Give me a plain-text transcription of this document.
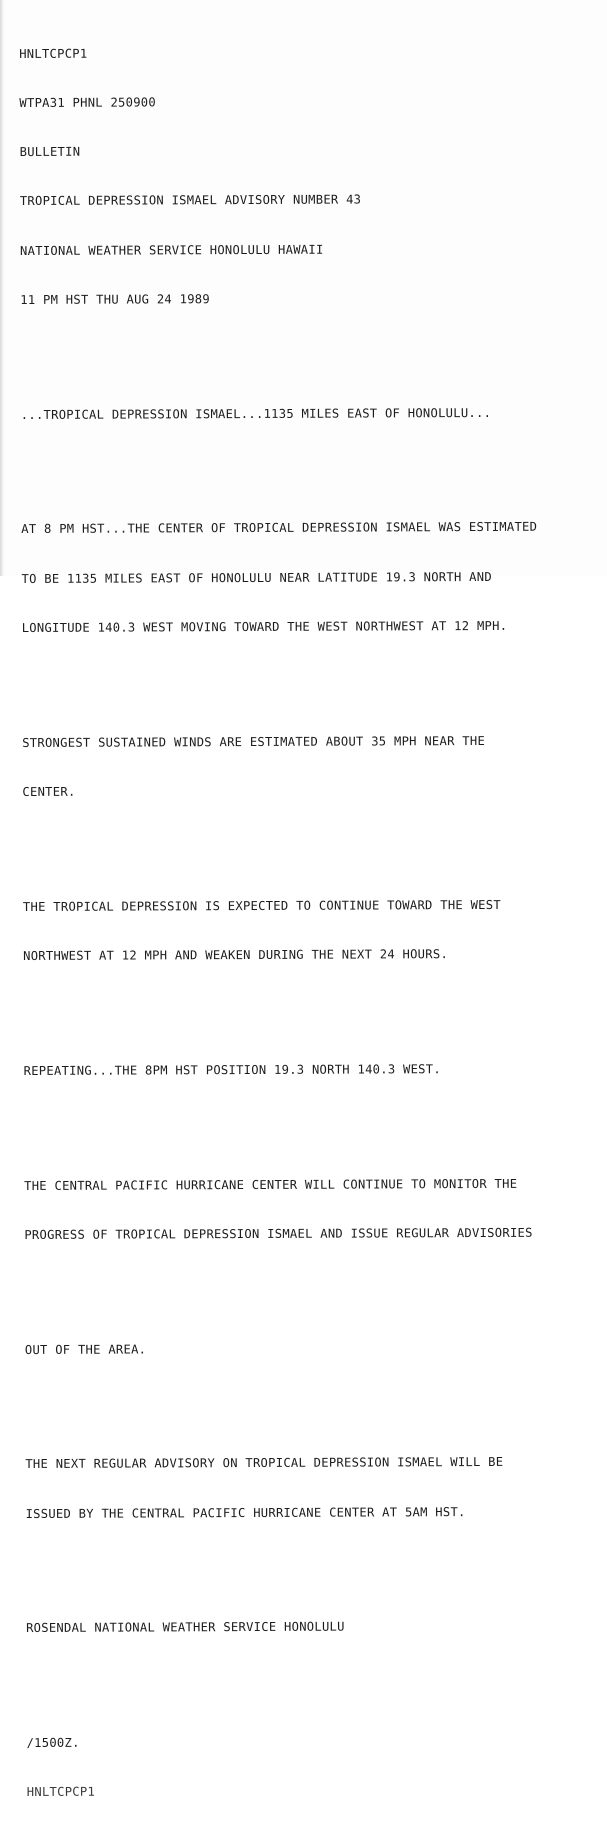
HNLTCPCP1

WTPA31 PHNL 250900

BULLETIN

TROPICAL DEPRESSION ISMAEL ADVISORY NUMBER 43

NATIONAL WEATHER SERVICE HONOLULU HAWAII

11 PM HST THU AUG 24 1989

...TROPICAL DEPRESSION ISMAEL...1135 MILES EAST OF HONOLULU...

AT 8 PM HST...THE CENTER OF TROPICAL DEPRESSION ISMAEL WAS ESTIMATED

TO BE 1135 MILES EAST OF HONOLULU NEAR LATITUDE 19.3 NORTH AND

LONGITUDE 140.3 WEST MOVING TOWARD THE WEST NORTHWEST AT 12 MPH.

STRONGEST SUSTAINED WINDS ARE ESTIMATED ABOUT 35 MPH NEAR THE

CENTER.

THE TROPICAL DEPRESSION IS EXPECTED TO CONTINUE TOWARD THE WEST

NORTHWEST AT 12 MPH AND WEAKEN DURING THE NEXT 24 HOURS.

REPEATING...THE 8PM HST POSITION 19.3 NORTH 140.3 WEST.

THE CENTRAL PACIFIC HURRICANE CENTER WILL CONTINUE TO MONITOR THE

PROGRESS OF TROPICAL DEPRESSION ISMAEL AND ISSUE REGULAR ADVISORIES

OUT OF THE AREA.

THE NEXT REGULAR ADVISORY ON TROPICAL DEPRESSION ISMAEL WILL BE

ISSUED BY THE CENTRAL PACIFIC HURRICANE CENTER AT 5AM HST.

ROSENDAL NATIONAL WEATHER SERVICE HONOLULU

/1500Z.

HNLTCPCP1
